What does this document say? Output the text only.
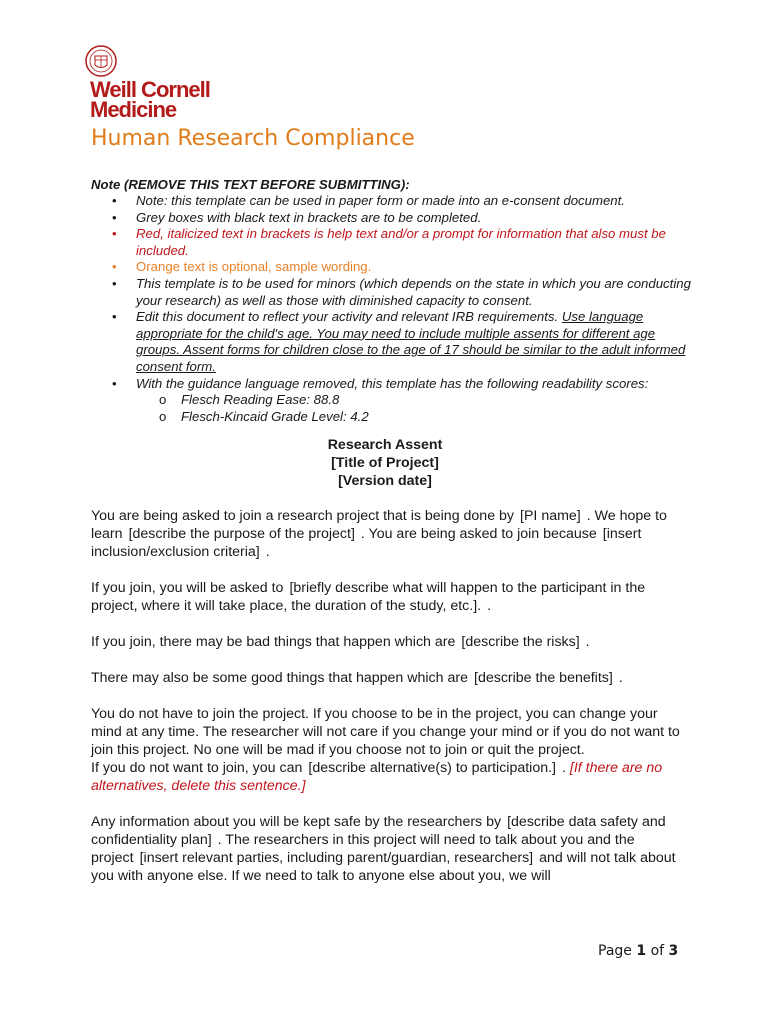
Weill Cornell
Medicine
Human Research Compliance
Note (REMOVE THIS TEXT BEFORE SUBMITTING):
• Note: this template can be used in paper form or made into an e-consent document.
• Grey boxes with black text in brackets are to be completed.
• Red, italicized text in brackets is help text and/or a prompt for information that also must be included.
• Orange text is optional, sample wording.
• This template is to be used for minors (which depends on the state in which you are conducting your research) as well as those with diminished capacity to consent.
• Edit this document to reflect your activity and relevant IRB requirements. Use language appropriate for the child's age. You may need to include multiple assents for different age groups. Assent forms for children close to the age of 17 should be similar to the adult informed consent form.
• With the guidance language removed, this template has the following readability scores:
o Flesch Reading Ease: 88.8
o Flesch-Kincaid Grade Level: 4.2
Research Assent
[Title of Project]
[Version date]

You are being asked to join a research project that is being done by [PI name] . We hope to learn [describe the purpose of the project] . You are being asked to join because [insert inclusion/exclusion criteria] .

If you join, you will be asked to [briefly describe what will happen to the participant in the project, where it will take place, the duration of the study, etc.]. .

If you join, there may be bad things that happen which are [describe the risks] .

There may also be some good things that happen which are [describe the benefits] .

You do not have to join the project. If you choose to be in the project, you can change your mind at any time. The researcher will not care if you change your mind or if you do not want to join this project. No one will be mad if you choose not to join or quit the project.

If you do not want to join, you can [describe alternative(s) to participation.] . [If there are no alternatives, delete this sentence.]

Any information about you will be kept safe by the researchers by [describe data safety and confidentiality plan] . The researchers in this project will need to talk about you and the project [insert relevant parties, including parent/guardian, researchers] and will not talk about you with anyone else. If we need to talk to anyone else about you, we will

Page 1 of 3
